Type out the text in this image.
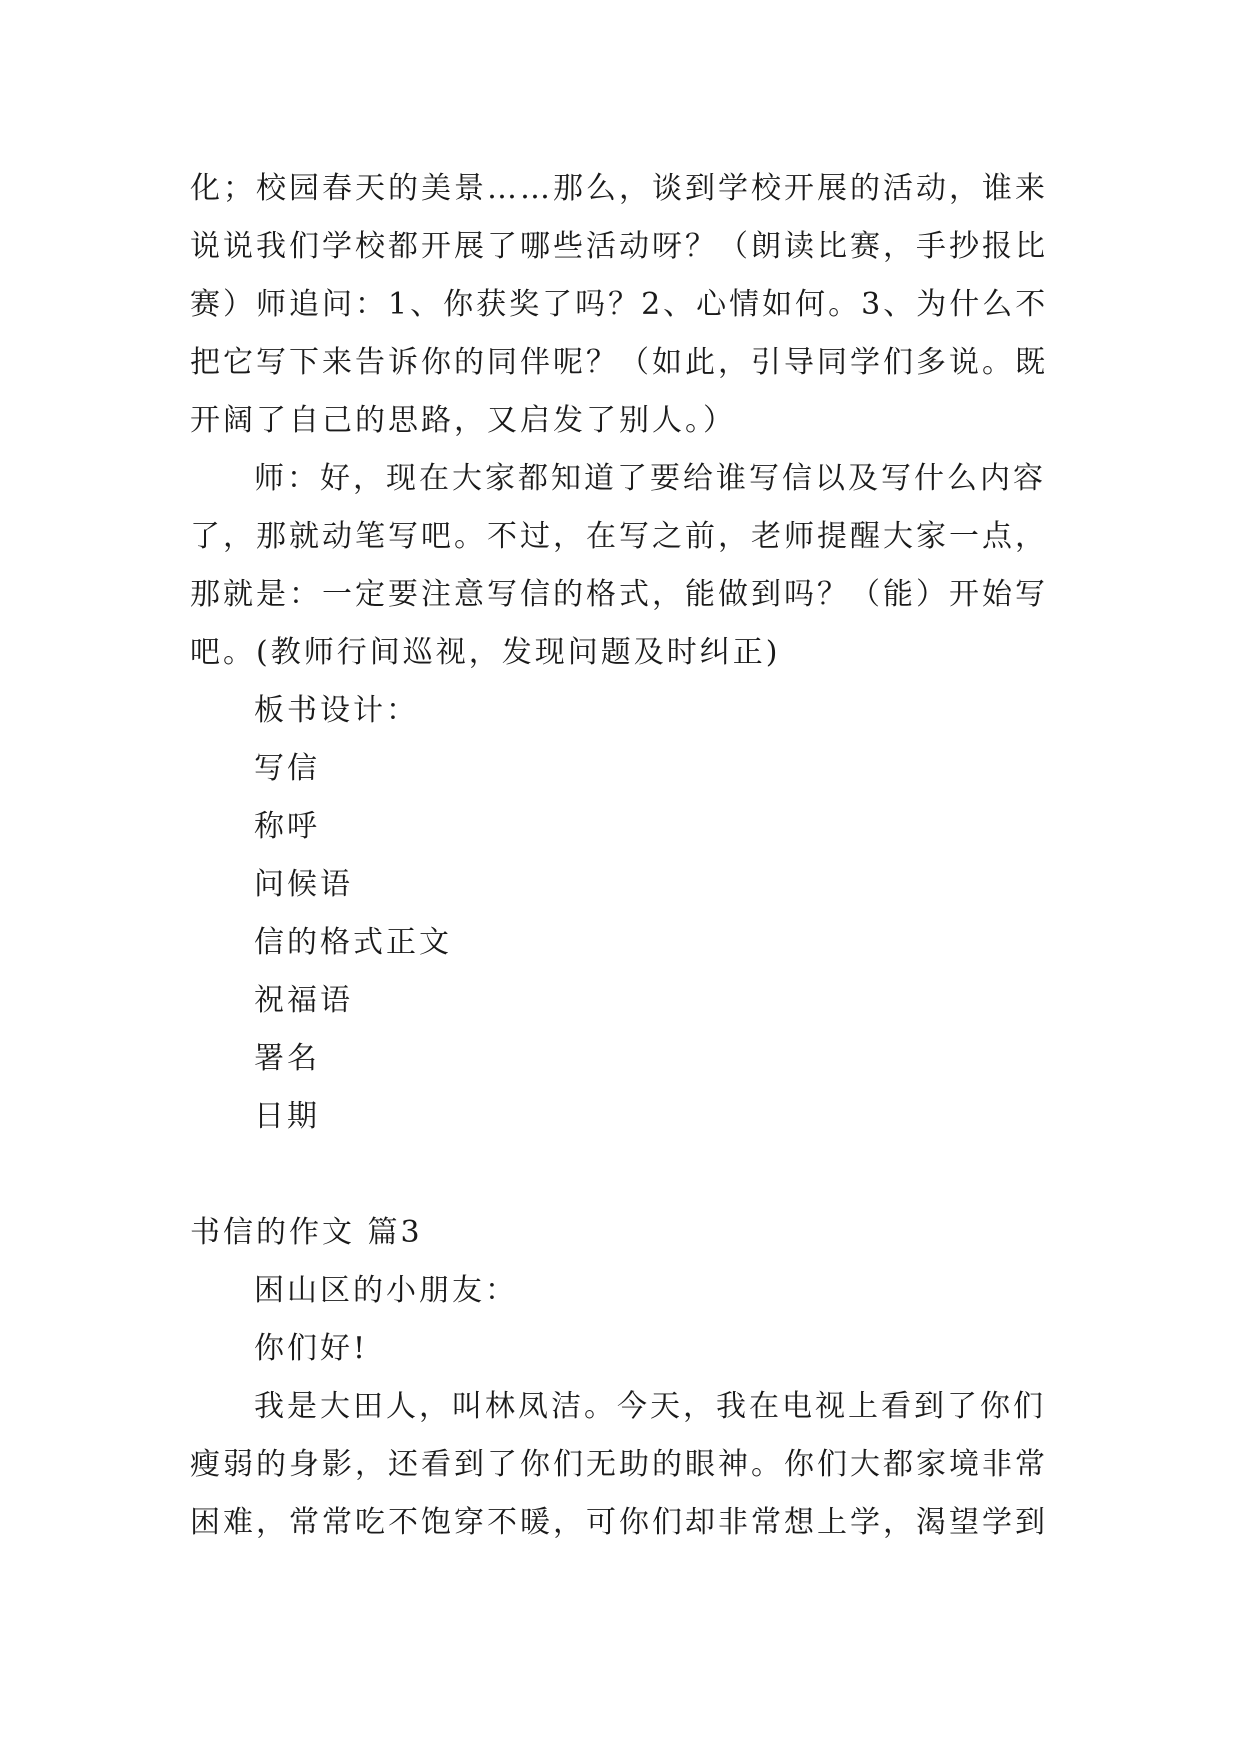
化；校园春天的美景……那么，谈到学校开展的活动，谁来
说说我们学校都开展了哪些活动呀？（朗读比赛，手抄报比
赛）师追问：1、你获奖了吗？2、心情如何。3、为什么不
把它写下来告诉你的同伴呢？（如此，引导同学们多说。既
开阔了自己的思路，又启发了别人。）
师：好，现在大家都知道了要给谁写信以及写什么内容
了，那就动笔写吧。不过，在写之前，老师提醒大家一点，
那就是：一定要注意写信的格式，能做到吗？（能）开始写
吧。(教师行间巡视，发现问题及时纠正)
板书设计：
写信
称呼
问候语
信的格式正文
祝福语
署名
日期
书信的作文 篇3
困山区的小朋友：
你们好!
我是大田人，叫林凤洁。今天，我在电视上看到了你们
瘦弱的身影，还看到了你们无助的眼神。你们大都家境非常
困难，常常吃不饱穿不暖，可你们却非常想上学，渴望学到
